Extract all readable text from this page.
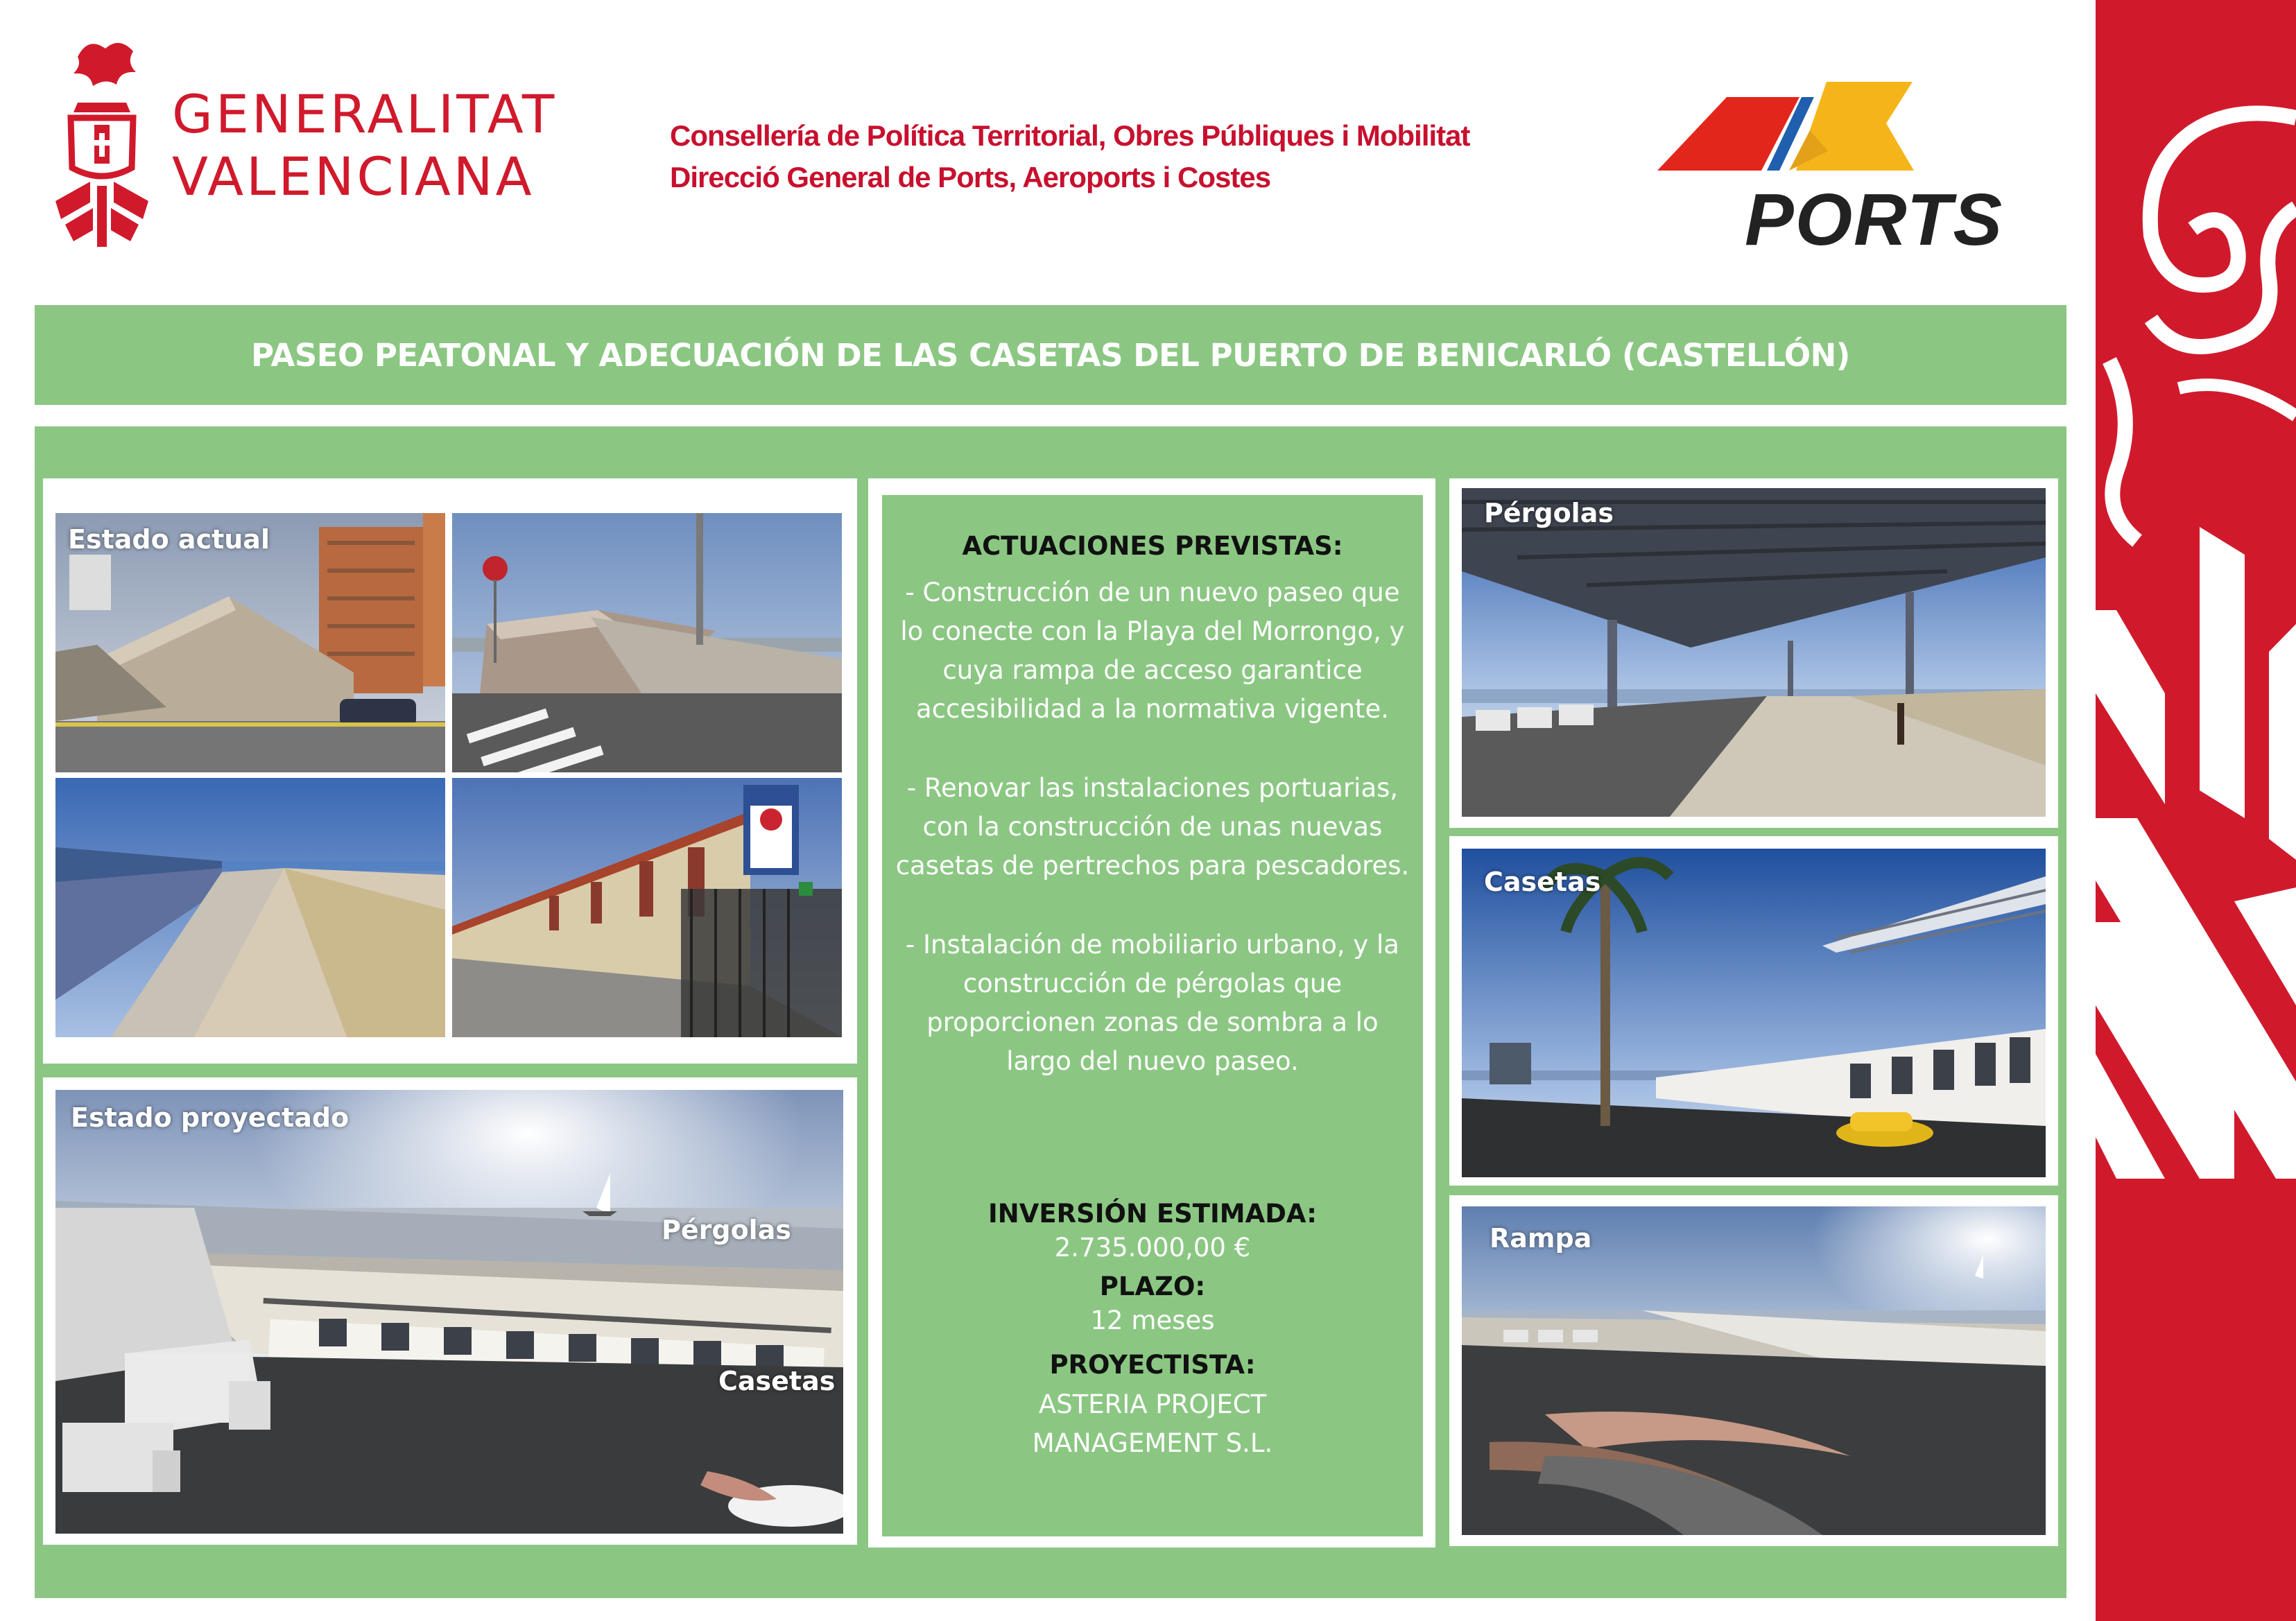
GENERALITAT
VALENCIANA
Consellería de Política Territorial, Obres Públiques i Mobilitat
Direcció General de Ports, Aeroports i Costes
PORTS
PASEO PEATONAL Y ADECUACIÓN DE LAS CASETAS DEL PUERTO DE BENICARLÓ (CASTELLÓN)
Estado actual
Estado proyectado
Pérgolas
Casetas
ACTUACIONES PREVISTAS:
- Construcción de un nuevo paseo que lo conecte con la Playa del Morrongo, y cuya rampa de acceso garantice accesibilidad a la normativa vigente.
- Renovar las instalaciones portuarias, con la construcción de unas nuevas casetas de pertrechos para pescadores.
- Instalación de mobiliario urbano, y la construcción de pérgolas que proporcionen zonas de sombra a lo largo del nuevo paseo.
INVERSIÓN ESTIMADA:
2.735.000,00 €
PLAZO:
12 meses
PROYECTISTA:
ASTERIA PROJECT MANAGEMENT S.L.
Pérgolas
Casetas
Rampa
